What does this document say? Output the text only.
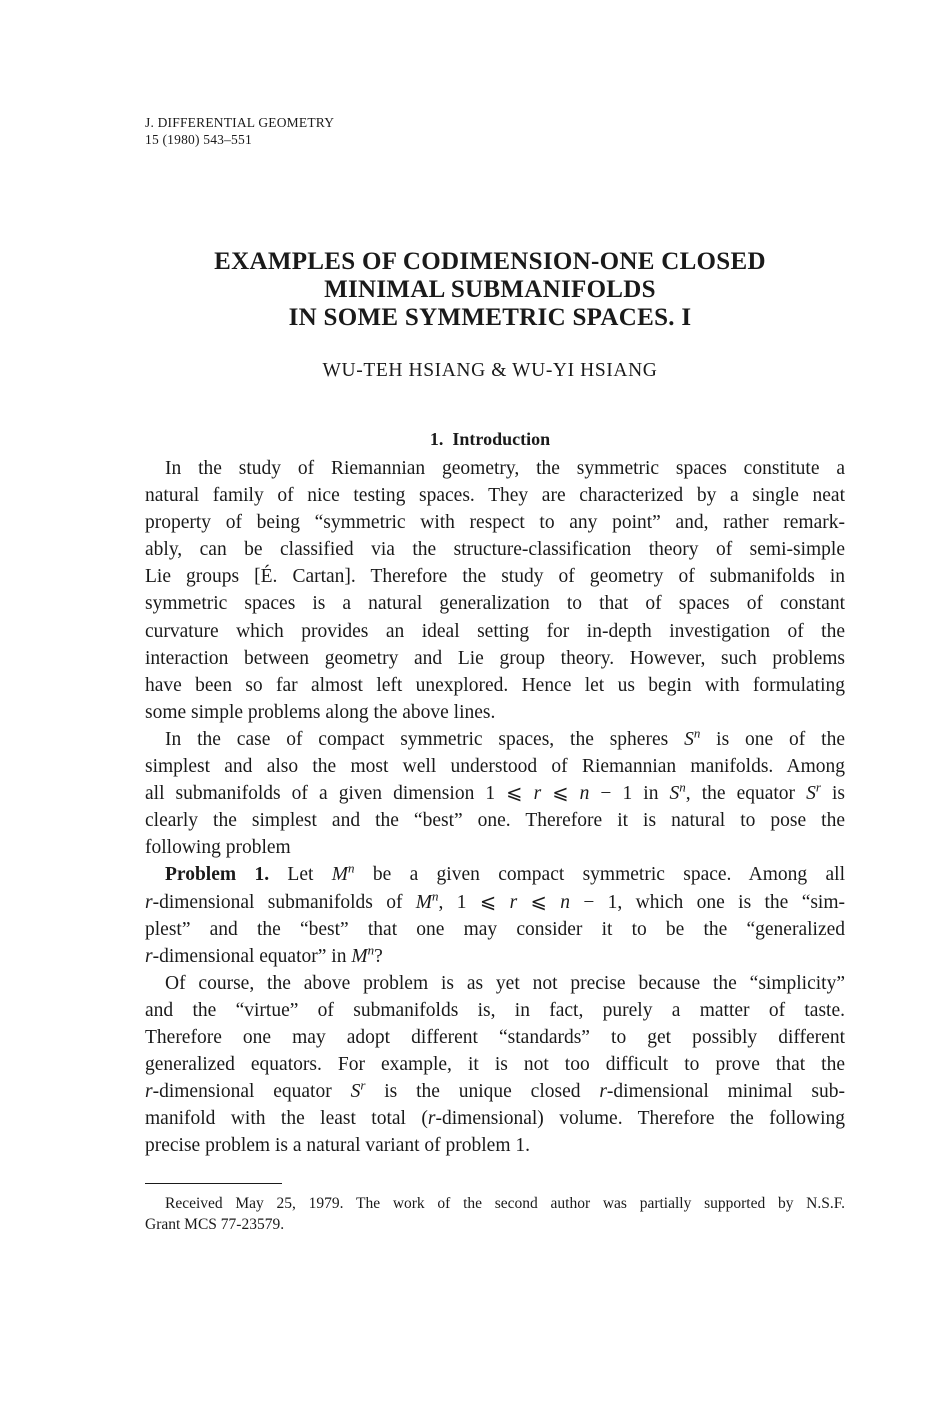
J. DIFFERENTIAL GEOMETRY
15 (1980) 543–551
EXAMPLES OF CODIMENSION-ONE CLOSED
MINIMAL SUBMANIFOLDS
IN SOME SYMMETRIC SPACES. I
WU-TEH HSIANG & WU-YI HSIANG
1. Introduction
In the study of Riemannian geometry, the symmetric spaces constitute a
natural family of nice testing spaces. They are characterized by a single neat
property of being “symmetric with respect to any point” and, rather remark-
ably, can be classified via the structure-classification theory of semi-simple
Lie groups [É. Cartan]. Therefore the study of geometry of submanifolds in
symmetric spaces is a natural generalization to that of spaces of constant
curvature which provides an ideal setting for in-depth investigation of the
interaction between geometry and Lie group theory. However, such problems
have been so far almost left unexplored. Hence let us begin with formulating
some simple problems along the above lines.
In the case of compact symmetric spaces, the spheres $S^n$ is one of the
simplest and also the most well understood of Riemannian manifolds. Among
all submanifolds of a given dimension 1 ⩽ r ⩽ n − 1 in $S^n$, the equator $S^r$ is
clearly the simplest and the “best” one. Therefore it is natural to pose the
following problem
Problem 1. Let $M^n$ be a given compact symmetric space. Among all
r-dimensional submanifolds of $M^n$, 1 ⩽ r ⩽ n − 1, which one is the “sim-
plest” and the “best” that one may consider it to be the “generalized
r-dimensional equator” in $M^n$?
Of course, the above problem is as yet not precise because the “simplicity”
and the “virtue” of submanifolds is, in fact, purely a matter of taste.
Therefore one may adopt different “standards” to get possibly different
generalized equators. For example, it is not too difficult to prove that the
r-dimensional equator $S^r$ is the unique closed r-dimensional minimal sub-
manifold with the least total (r-dimensional) volume. Therefore the following
precise problem is a natural variant of problem 1.
Received May 25, 1979. The work of the second author was partially supported by N.S.F.
Grant MCS 77-23579.
